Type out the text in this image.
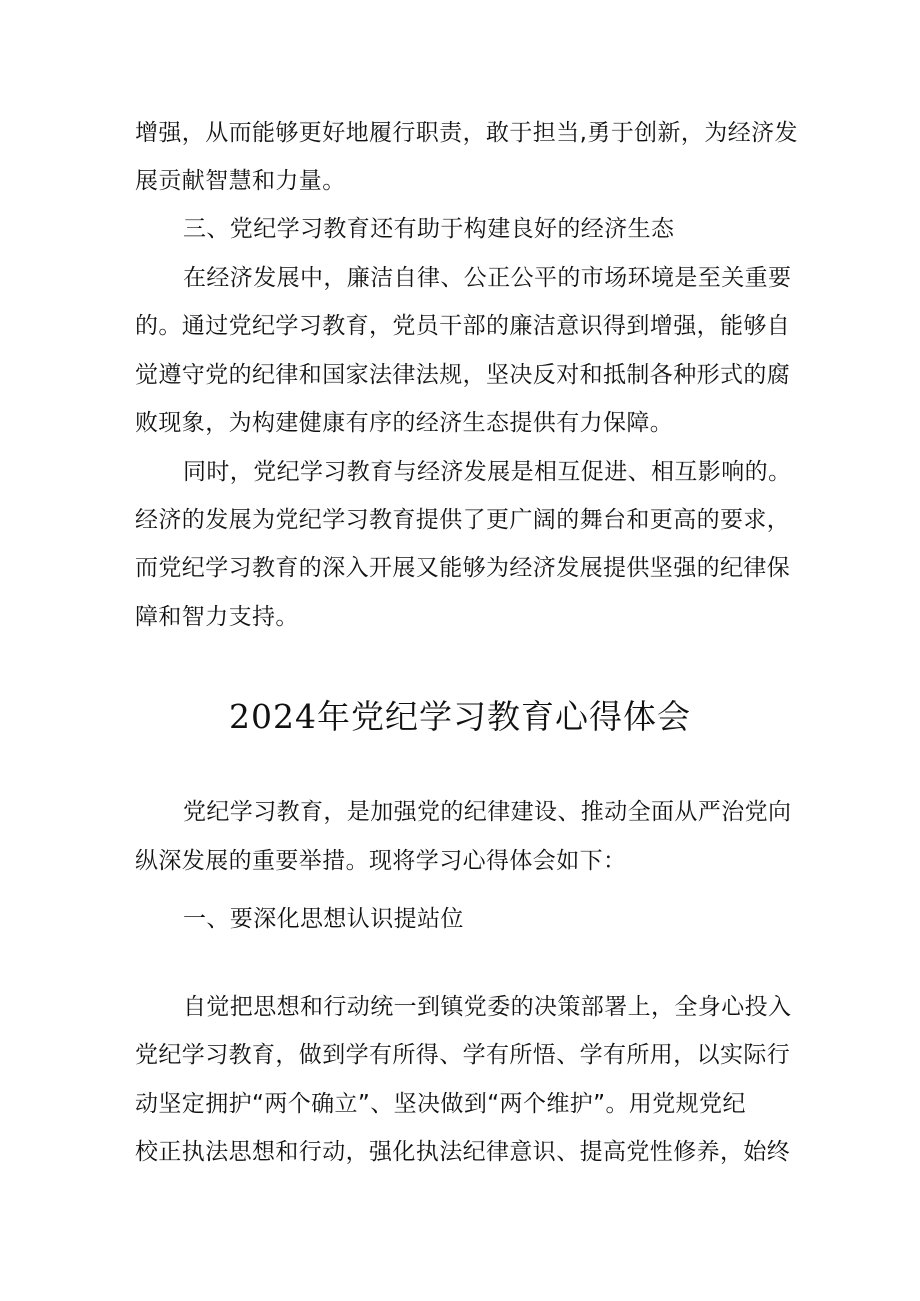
增强，从而能够更好地履行职责，敢于担当,勇于创新，为经济发

展贡献智慧和力量。

三、党纪学习教育还有助于构建良好的经济生态

在经济发展中，廉洁自律、公正公平的市场环境是至关重要

的。通过党纪学习教育，党员干部的廉洁意识得到增强，能够自

觉遵守党的纪律和国家法律法规，坚决反对和抵制各种形式的腐

败现象，为构建健康有序的经济生态提供有力保障。

同时，党纪学习教育与经济发展是相互促进、相互影响的。

经济的发展为党纪学习教育提供了更广阔的舞台和更高的要求，

而党纪学习教育的深入开展又能够为经济发展提供坚强的纪律保

障和智力支持。

2024年党纪学习教育心得体会

党纪学习教育，是加强党的纪律建设、推动全面从严治党向

纵深发展的重要举措。现将学习心得体会如下：

一、要深化思想认识提站位

自觉把思想和行动统一到镇党委的决策部署上，全身心投入

党纪学习教育，做到学有所得、学有所悟、学有所用，以实际行

动坚定拥护“两个确立”、坚决做到“两个维护”。用党规党纪

校正执法思想和行动，强化执法纪律意识、提高党性修养，始终
